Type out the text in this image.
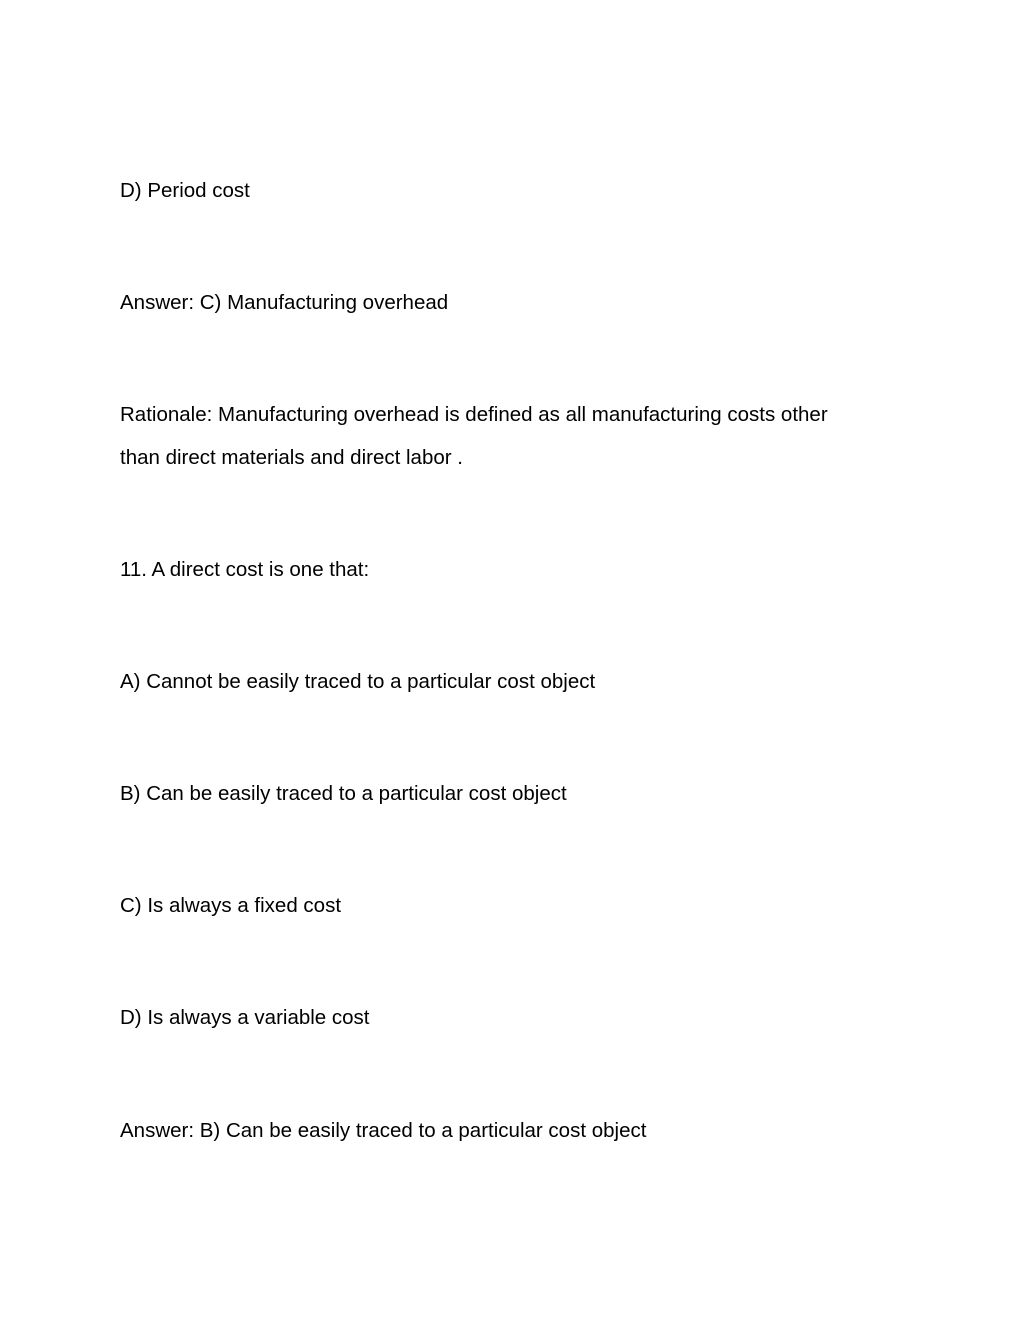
D) Period cost
Answer: C) Manufacturing overhead
Rationale: Manufacturing overhead is defined as all manufacturing costs other
than direct materials and direct labor .
11. A direct cost is one that:
A) Cannot be easily traced to a particular cost object
B) Can be easily traced to a particular cost object
C) Is always a fixed cost
D) Is always a variable cost
Answer: B) Can be easily traced to a particular cost object
